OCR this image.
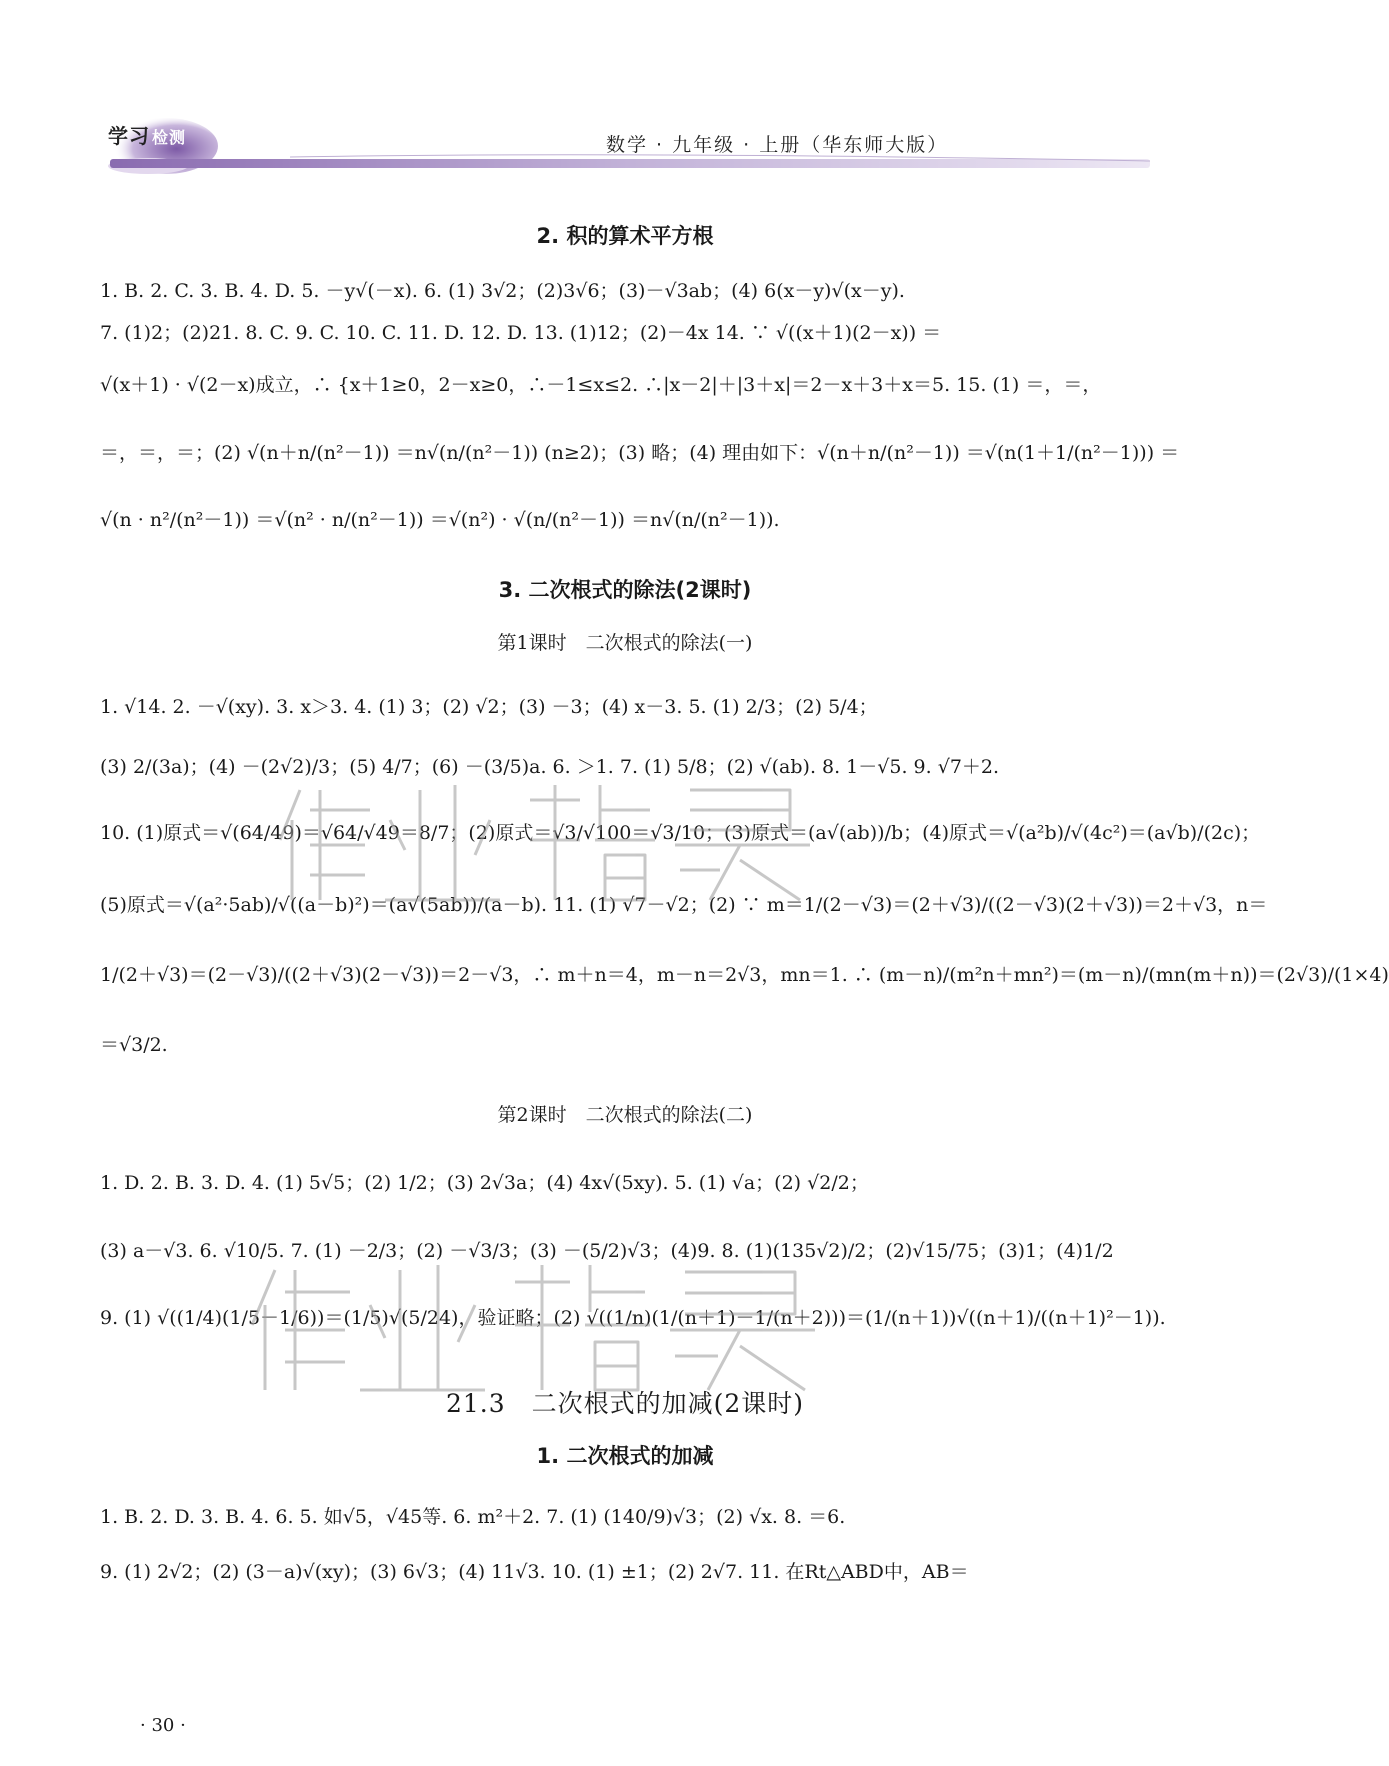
学习 检测	数学 · 九年级 · 上册（华东师大版）
2. 积的算术平方根
1. B. 2. C. 3. B. 4. D. 5. －y√(－x). 6. (1) 3√2；(2)3√6；(3)－√3ab；(4) 6(x－y)√(x－y).
7. (1)2；(2)21. 8. C. 9. C. 10. C. 11. D. 12. D. 13. (1)12；(2)－4x 14. ∵ √((x＋1)(2－x)) ＝
√(x＋1) · √(2－x)成立，∴ {x＋1≥0，2－x≥0，∴－1≤x≤2. ∴|x－2|＋|3＋x|＝2－x＋3＋x＝5. 15. (1) ＝，＝，
＝，＝，＝；(2) √(n＋n/(n²－1)) ＝n√(n/(n²－1)) (n≥2)；(3) 略；(4) 理由如下：√(n＋n/(n²－1)) ＝√(n(1＋1/(n²－1))) ＝
√(n · n²/(n²－1)) ＝√(n² · n/(n²－1)) ＝√(n²) · √(n/(n²－1)) ＝n√(n/(n²－1)).
3. 二次根式的除法(2课时)
第1课时　二次根式的除法(一)
1. √14. 2. －√(xy). 3. x＞3. 4. (1) 3；(2) √2；(3) －3；(4) x－3. 5. (1) 2/3；(2) 5/4；
(3) 2/(3a)；(4) －(2√2)/3；(5) 4/7；(6) －(3/5)a. 6. ＞1. 7. (1) 5/8；(2) √(ab). 8. 1－√5. 9. √7＋2.
10. (1)原式＝√(64/49)＝√64/√49＝8/7；(2)原式＝√3/√100＝√3/10；(3)原式＝(a√(ab))/b；(4)原式＝√(a²b)/√(4c²)＝(a√b)/(2c)；
(5)原式＝√(a²·5ab)/√((a－b)²)＝(a√(5ab))/(a－b). 11. (1) √7－√2；(2) ∵ m＝1/(2－√3)＝(2＋√3)/((2－√3)(2＋√3))＝2＋√3，n＝
1/(2＋√3)＝(2－√3)/((2＋√3)(2－√3))＝2－√3，∴ m＋n＝4，m－n＝2√3，mn＝1. ∴ (m－n)/(m²n＋mn²)＝(m－n)/(mn(m＋n))＝(2√3)/(1×4)
＝√3/2.
第2课时　二次根式的除法(二)
1. D. 2. B. 3. D. 4. (1) 5√5；(2) 1/2；(3) 2√3a；(4) 4x√(5xy). 5. (1) √a；(2) √2/2；
(3) a－√3. 6. √10/5. 7. (1) －2/3；(2) －√3/3；(3) －(5/2)√3；(4)9. 8. (1)(135√2)/2；(2)√15/75；(3)1；(4)1/2
9. (1) √((1/4)(1/5－1/6))＝(1/5)√(5/24)，验证略；(2) √((1/n)(1/(n＋1)－1/(n＋2)))＝(1/(n＋1))√((n＋1)/((n＋1)²－1)).
21.3　二次根式的加减(2课时)
1. 二次根式的加减
1. B. 2. D. 3. B. 4. 6. 5. 如√5，√45等. 6. m²＋2. 7. (1) (140/9)√3；(2) √x. 8. ＝6.
9. (1) 2√2；(2) (3－a)√(xy)；(3) 6√3；(4) 11√3. 10. (1) ±1；(2) 2√7. 11. 在Rt△ABD中，AB＝
· 30 ·
